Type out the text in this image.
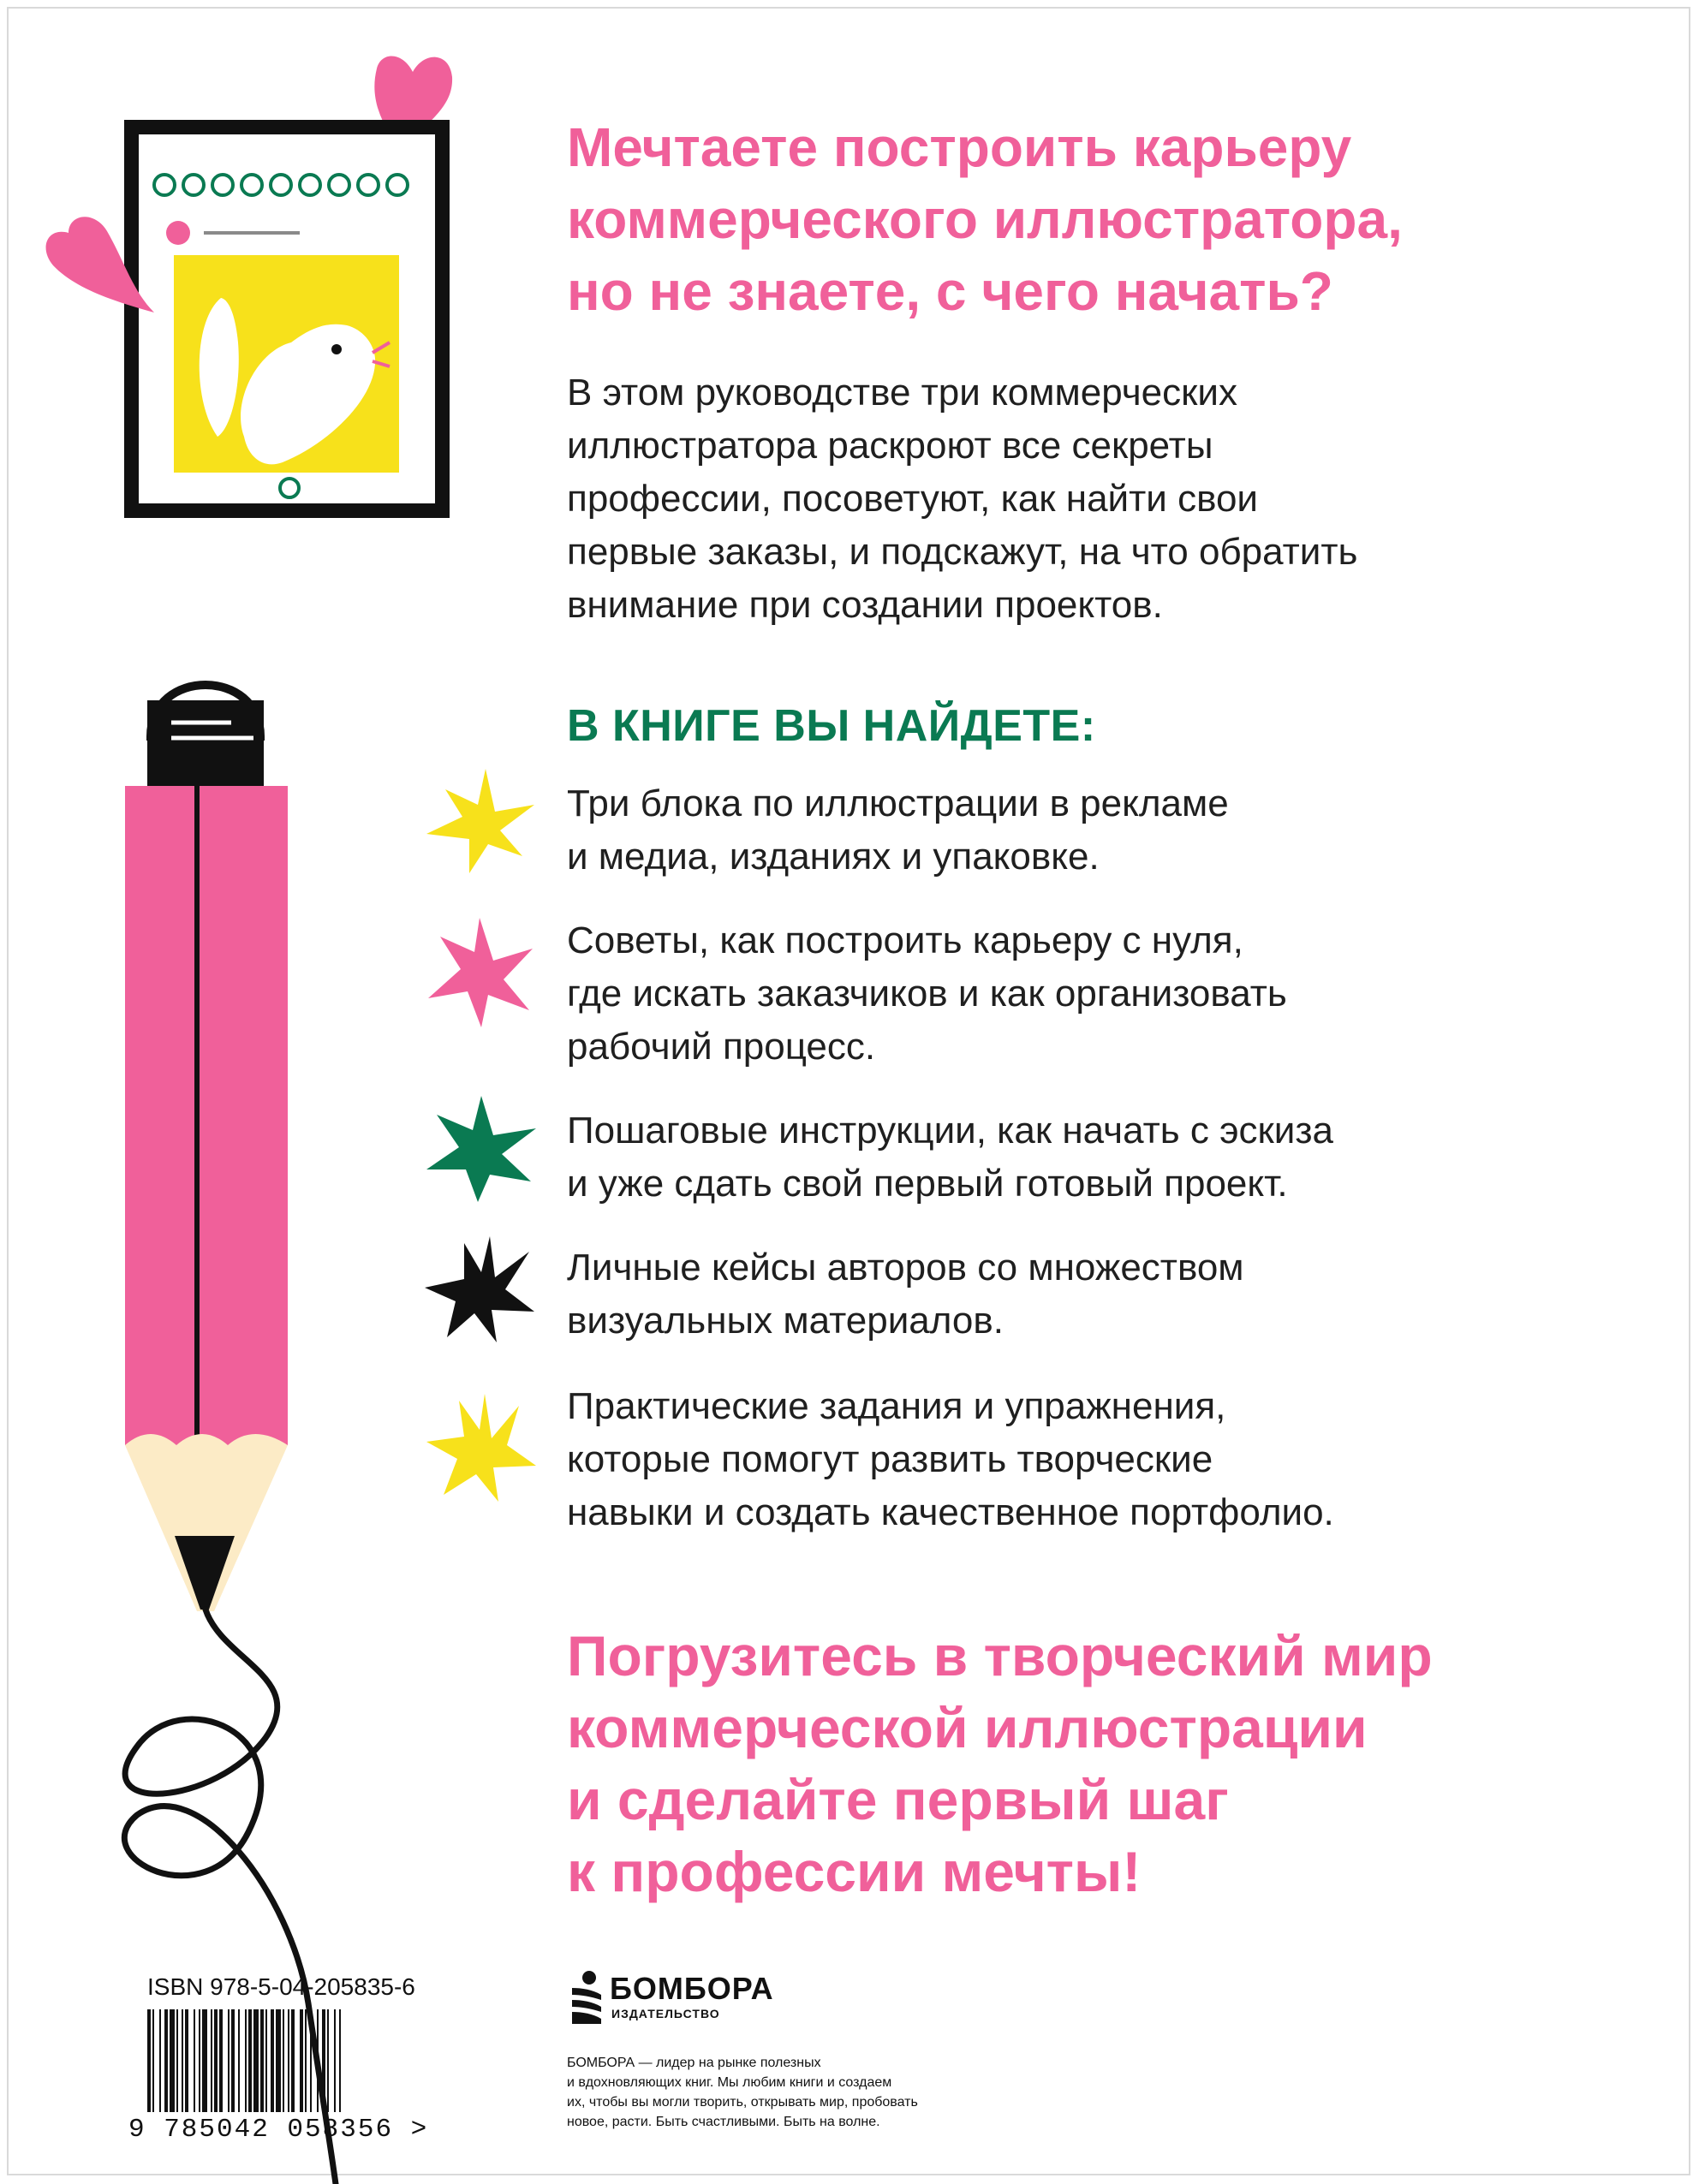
Мечтаете построить карьеру
коммерческого иллюстратора,
но не знаете, с чего начать?

В этом руководстве три коммерческих
иллюстратора раскроют все секреты
профессии, посоветуют, как найти свои
первые заказы, и подскажут, на что обратить
внимание при создании проектов.

В КНИГЕ ВЫ НАЙДЕТЕ:
Три блока по иллюстрации в рекламе
и медиа, изданиях и упаковке.
Советы, как построить карьеру с нуля,
где искать заказчиков и как организовать
рабочий процесс.
Пошаговые инструкции, как начать с эскиза
и уже сдать свой первый готовый проект.
Личные кейсы авторов со множеством
визуальных материалов.
Практические задания и упражнения,
которые помогут развить творческие
навыки и создать качественное портфолио.
Погрузитесь в творческий мир
коммерческой иллюстрации
и сделайте первый шаг
к профессии мечты!
ISBN 978-5-04-205835-6
9 785042 058356 >
БОМБОРА
ИЗДАТЕЛЬСТВО
БОМБОРА — лидер на рынке полезных
и вдохновляющих книг. Мы любим книги и создаем
их, чтобы вы могли творить, открывать мир, пробовать
новое, расти. Быть счастливыми. Быть на волне.
